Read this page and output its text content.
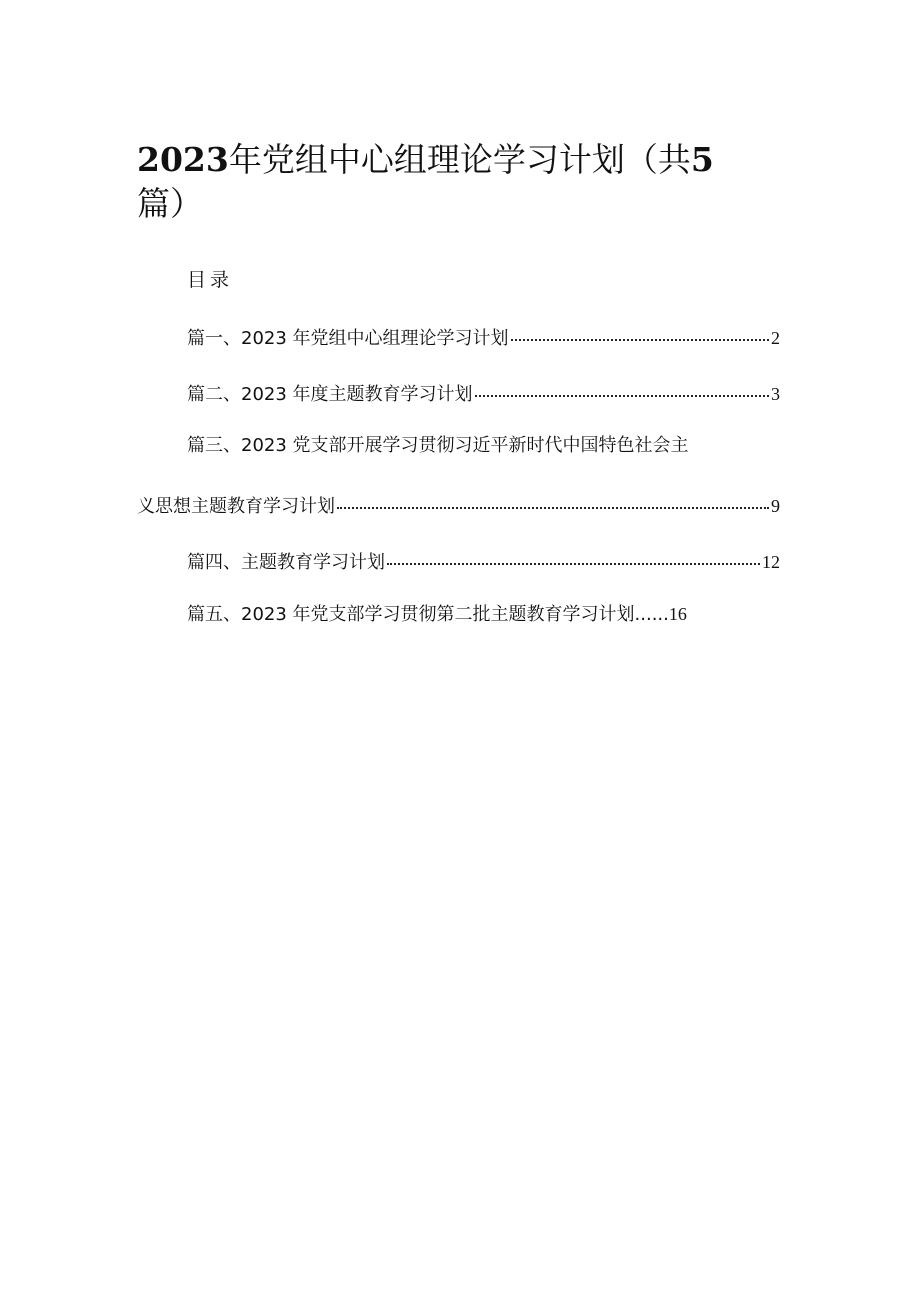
2023年党组中心组理论学习计划（共5
篇）
目录
篇一、2023 年党组中心组理论学习计划	2
篇二、2023 年度主题教育学习计划	3
篇三、2023 党支部开展学习贯彻习近平新时代中国特色社会主
义思想主题教育学习计划	9
篇四、主题教育学习计划	12
篇五、2023 年党支部学习贯彻第二批主题教育学习计划......16
